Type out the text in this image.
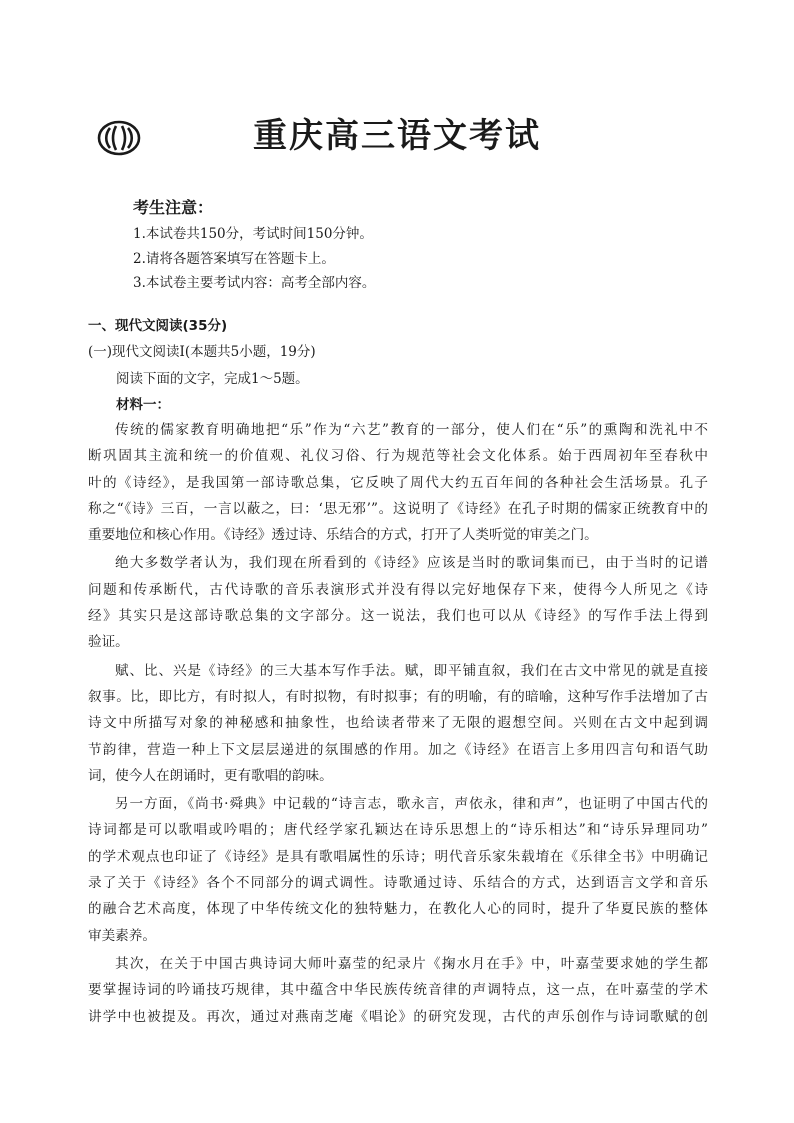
重庆高三语文考试
考生注意：
1.本试卷共150分，考试时间150分钟。
2.请将各题答案填写在答题卡上。
3.本试卷主要考试内容：高考全部内容。
一、现代文阅读(35分)
(一)现代文阅读Ⅰ(本题共5小题，19分)
阅读下面的文字，完成1～5题。
材料一：
传统的儒家教育明确地把“乐”作为“六艺”教育的一部分，使人们在“乐”的熏陶和洗礼中不
断巩固其主流和统一的价值观、礼仪习俗、行为规范等社会文化体系。始于西周初年至春秋中
叶的《诗经》，是我国第一部诗歌总集，它反映了周代大约五百年间的各种社会生活场景。孔子
称之“《诗》三百，一言以蔽之，曰：‘思无邪’”。这说明了《诗经》在孔子时期的儒家正统教育中的
重要地位和核心作用。《诗经》透过诗、乐结合的方式，打开了人类听觉的审美之门。
绝大多数学者认为，我们现在所看到的《诗经》应该是当时的歌词集而已，由于当时的记谱
问题和传承断代，古代诗歌的音乐表演形式并没有得以完好地保存下来，使得今人所见之《诗
经》其实只是这部诗歌总集的文字部分。这一说法，我们也可以从《诗经》的写作手法上得到
验证。
赋、比、兴是《诗经》的三大基本写作手法。赋，即平铺直叙，我们在古文中常见的就是直接
叙事。比，即比方，有时拟人，有时拟物，有时拟事；有的明喻，有的暗喻，这种写作手法增加了古
诗文中所描写对象的神秘感和抽象性，也给读者带来了无限的遐想空间。兴则在古文中起到调
节韵律，营造一种上下文层层递进的氛围感的作用。加之《诗经》在语言上多用四言句和语气助
词，使今人在朗诵时，更有歌唱的韵味。
另一方面，《尚书·舜典》中记载的“诗言志，歌永言，声依永，律和声”，也证明了中国古代的
诗词都是可以歌唱或吟唱的；唐代经学家孔颖达在诗乐思想上的“诗乐相达”和“诗乐异理同功”
的学术观点也印证了《诗经》是具有歌唱属性的乐诗；明代音乐家朱载堉在《乐律全书》中明确记
录了关于《诗经》各个不同部分的调式调性。诗歌通过诗、乐结合的方式，达到语言文学和音乐
的融合艺术高度，体现了中华传统文化的独特魅力，在教化人心的同时，提升了华夏民族的整体
审美素养。
其次，在关于中国古典诗词大师叶嘉莹的纪录片《掬水月在手》中，叶嘉莹要求她的学生都
要掌握诗词的吟诵技巧规律，其中蕴含中华民族传统音律的声调特点，这一点，在叶嘉莹的学术
讲学中也被提及。再次，通过对燕南芝庵《唱论》的研究发现，古代的声乐创作与诗词歌赋的创
